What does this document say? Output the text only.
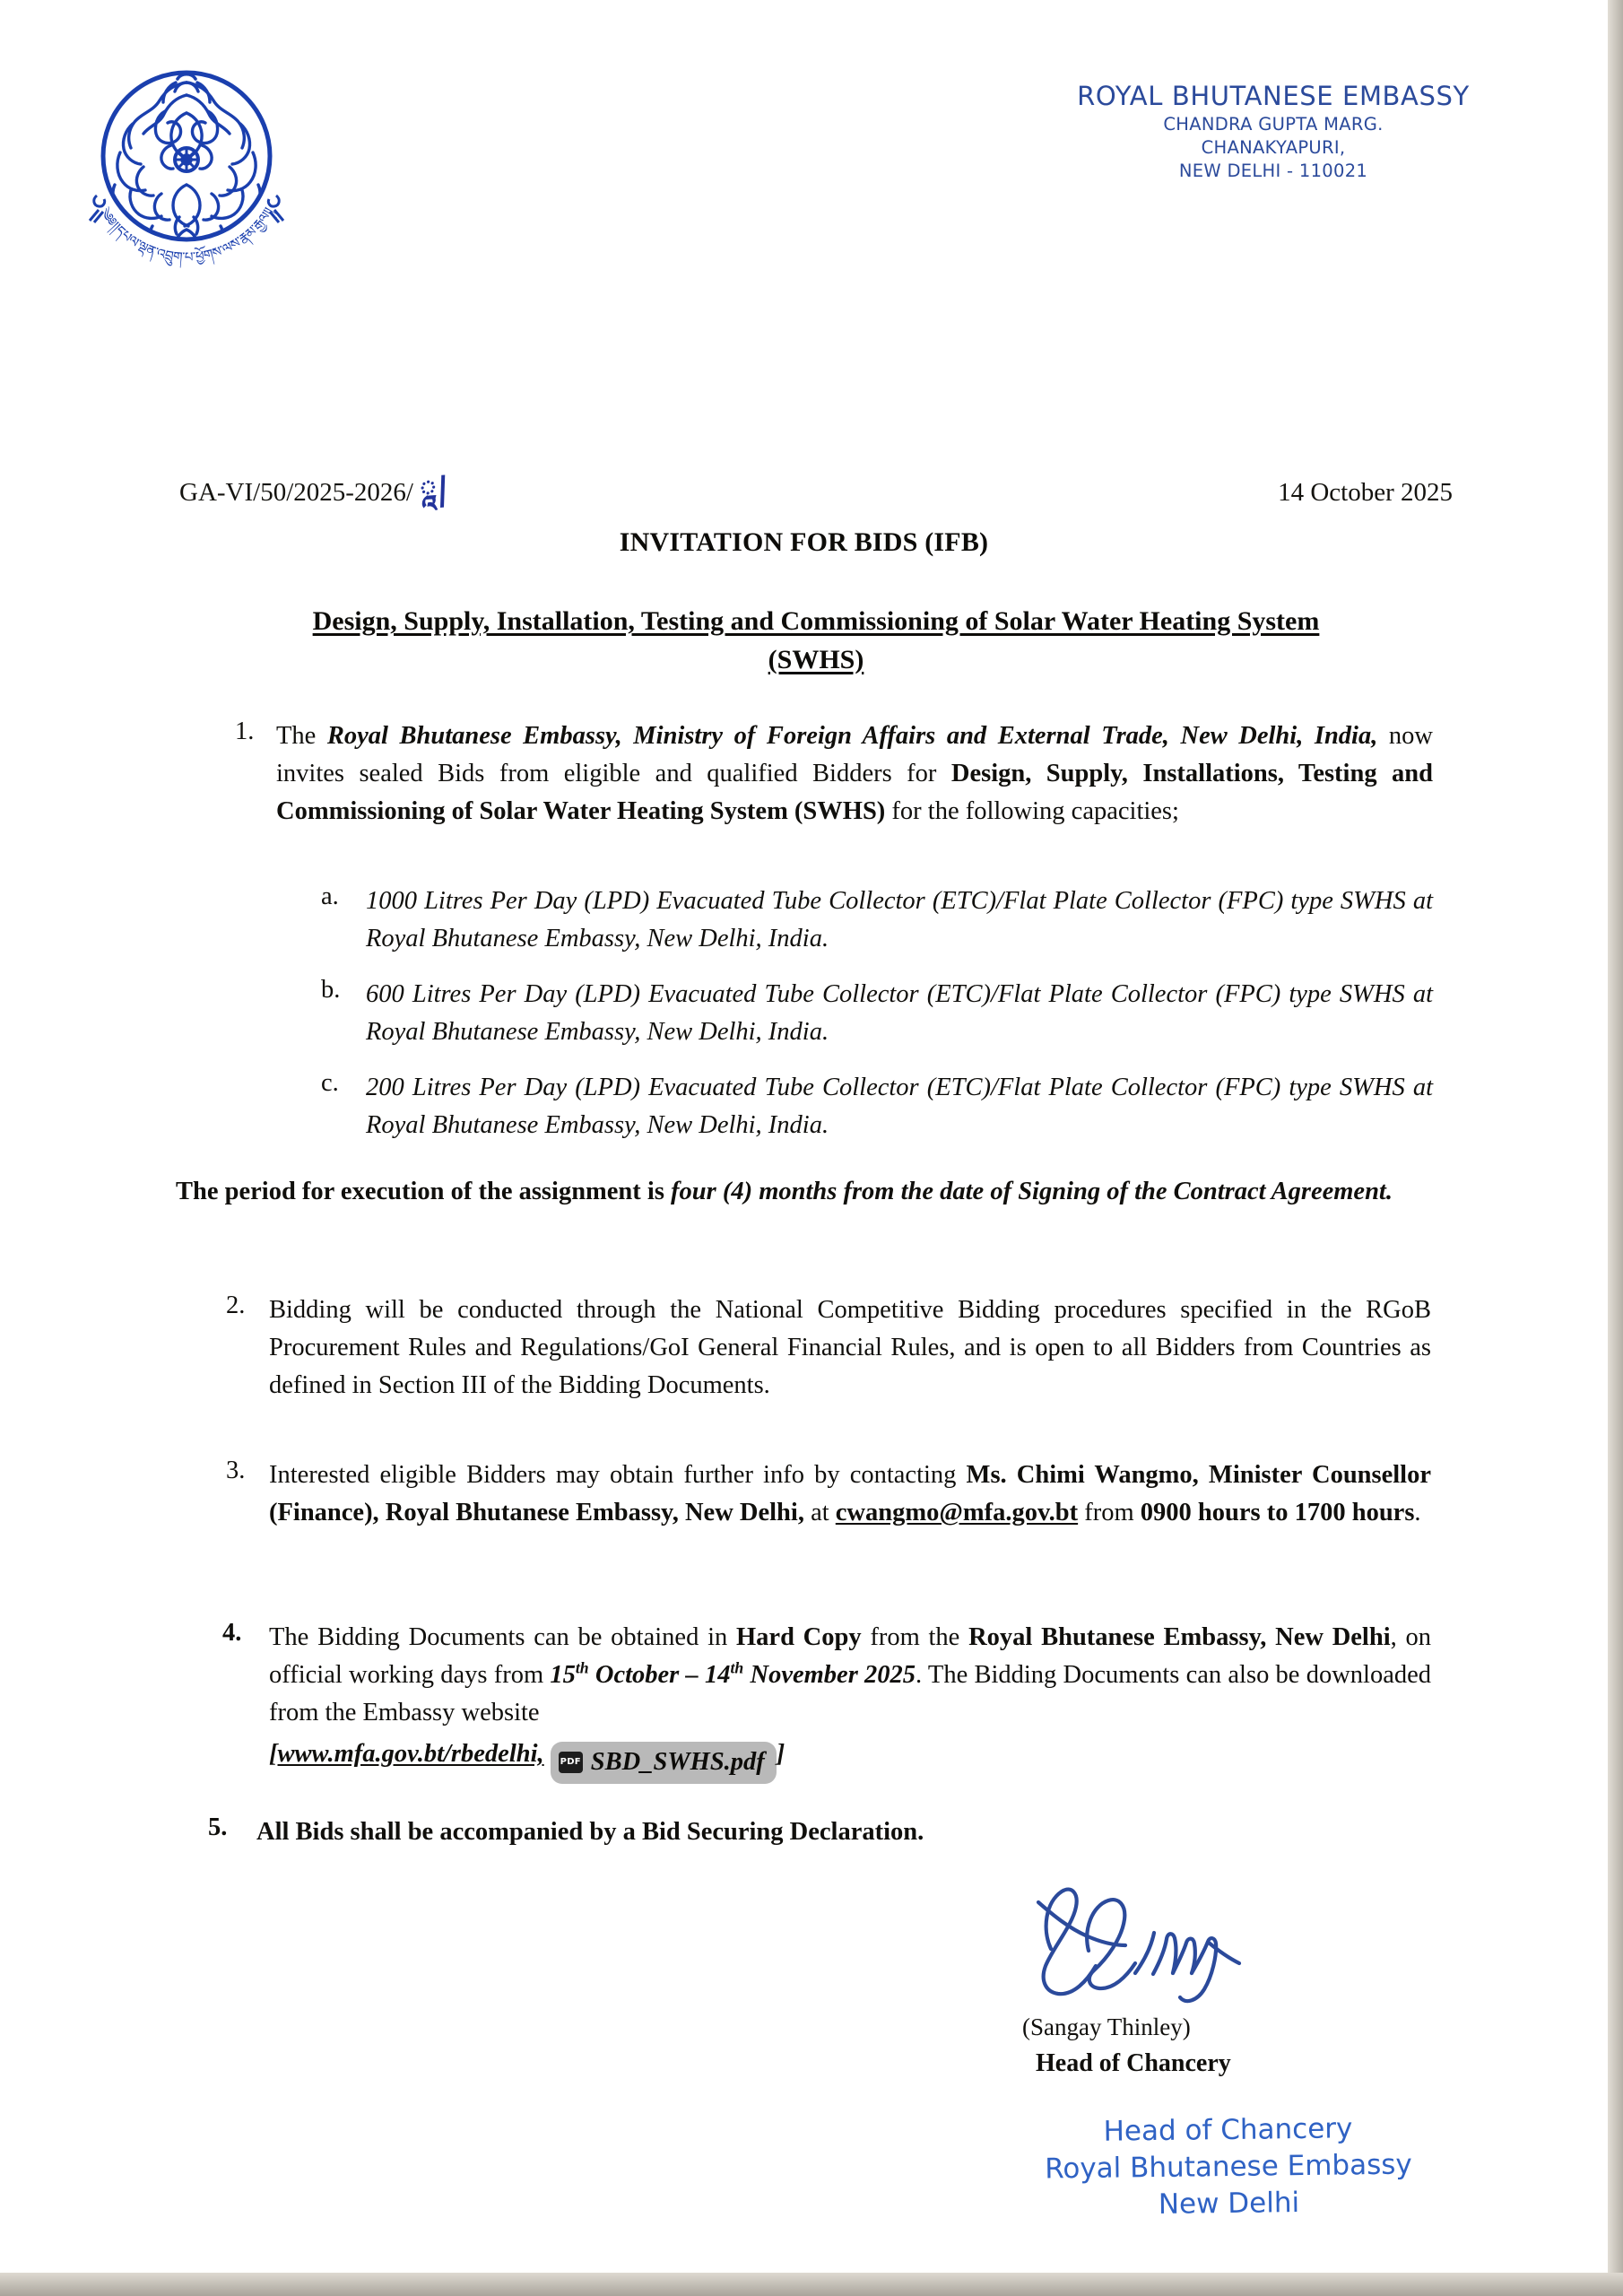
༄༅།།དཔལ་ལྡན་འབྲུག་པ་ཕྱོགས་ལས་རྣམ་རྒྱལ།།
ROYAL BHUTANESE EMBASSY
CHANDRA GUPTA MARG.
CHANAKYAPURI,
NEW DELHI - 110021
GA-VI/50/2025-2026/ ཱ|	14 October 2025
INVITATION FOR BIDS (IFB)
Design, Supply, Installation, Testing and Commissioning of Solar Water Heating System
(SWHS)
1. The Royal Bhutanese Embassy, Ministry of Foreign Affairs and External Trade, New Delhi, India, now invites sealed Bids from eligible and qualified Bidders for Design, Supply, Installations, Testing and Commissioning of Solar Water Heating System (SWHS) for the following capacities;

a. 1000 Litres Per Day (LPD) Evacuated Tube Collector (ETC)/Flat Plate Collector (FPC) type SWHS at Royal Bhutanese Embassy, New Delhi, India.

b. 600 Litres Per Day (LPD) Evacuated Tube Collector (ETC)/Flat Plate Collector (FPC) type SWHS at Royal Bhutanese Embassy, New Delhi, India.

c. 200 Litres Per Day (LPD) Evacuated Tube Collector (ETC)/Flat Plate Collector (FPC) type SWHS at Royal Bhutanese Embassy, New Delhi, India.

The period for execution of the assignment is four (4) months from the date of Signing of the Contract Agreement.

2. Bidding will be conducted through the National Competitive Bidding procedures specified in the RGoB Procurement Rules and Regulations/GoI General Financial Rules, and is open to all Bidders from Countries as defined in Section III of the Bidding Documents.

3. Interested eligible Bidders may obtain further info by contacting Ms. Chimi Wangmo, Minister Counsellor (Finance), Royal Bhutanese Embassy, New Delhi, at cwangmo@mfa.gov.bt from 0900 hours to 1700 hours.

4. The Bidding Documents can be obtained in Hard Copy from the Royal Bhutanese Embassy, New Delhi, on official working days from 15th October – 14th November 2025. The Bidding Documents can also be downloaded from the Embassy website

[www.mfa.gov.bt/rbedelhi, PDF SBD_SWHS.pdf ]

5. All Bids shall be accompanied by a Bid Securing Declaration.

(Sangay Thinley)
Head of Chancery
Head of Chancery
Royal Bhutanese Embassy
New Delhi
